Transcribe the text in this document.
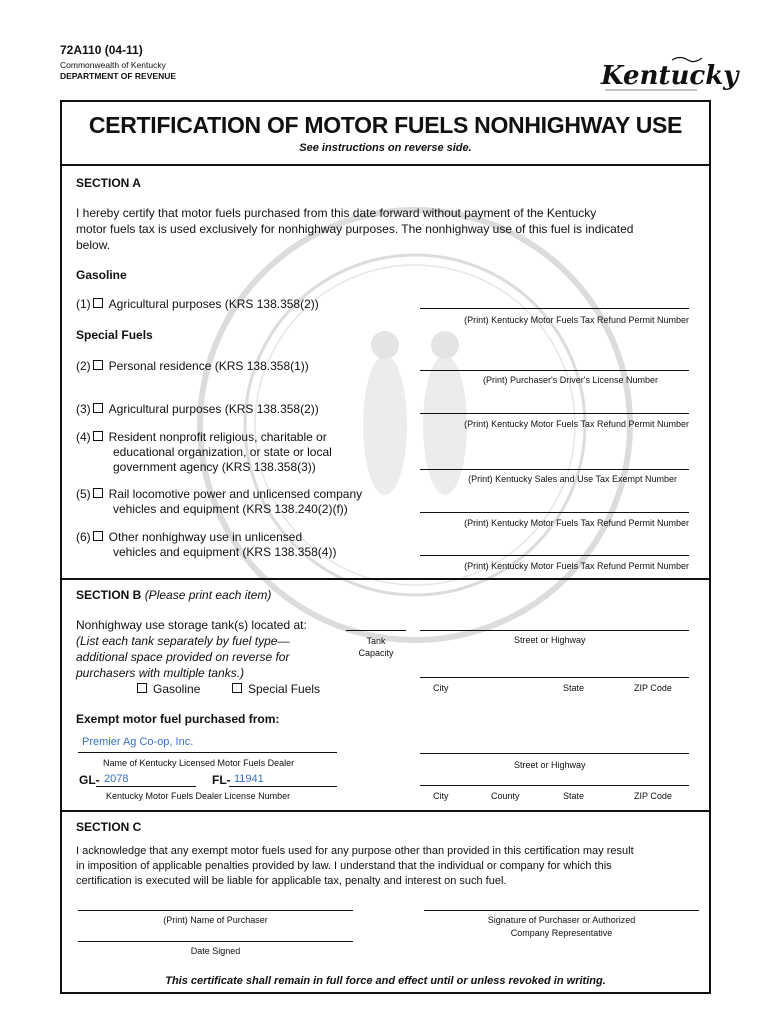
72A110 (04-11)
Commonwealth of Kentucky
DEPARTMENT OF REVENUE	Kentucky
CERTIFICATION OF MOTOR FUELS NONHIGHWAY USE
See instructions on reverse side.
SECTION A
I hereby certify that motor fuels purchased from this date forward without payment of the Kentucky
motor fuels tax is used exclusively for nonhighway purposes. The nonhighway use of this fuel is indicated
below.
Gasoline
(1) Agricultural purposes (KRS 138.358(2))
(Print) Kentucky Motor Fuels Tax Refund Permit Number
Special Fuels
(2) Personal residence (KRS 138.358(1))
(Print) Purchaser's Driver's License Number
(3) Agricultural purposes (KRS 138.358(2))
(Print) Kentucky Motor Fuels Tax Refund Permit Number
(4) Resident nonprofit religious, charitable or
educational organization, or state or local
government agency (KRS 138.358(3))
(Print) Kentucky Sales and Use Tax Exempt Number
(5) Rail locomotive power and unlicensed company
vehicles and equipment (KRS 138.240(2)(f))
(Print) Kentucky Motor Fuels Tax Refund Permit Number
(6) Other nonhighway use in unlicensed
vehicles and equipment (KRS 138.358(4))
(Print) Kentucky Motor Fuels Tax Refund Permit Number
SECTION B (Please print each item)
Nonhighway use storage tank(s) located at:
(List each tank separately by fuel type—
additional space provided on reverse for
purchasers with multiple tanks.)
Gasoline	Special Fuels
Tank
Capacity
Street or Highway
City	State	ZIP Code
Exempt motor fuel purchased from:
Premier Ag Co-op, Inc.
Name of Kentucky Licensed Motor Fuels Dealer
GL- 2078	FL- 11941
Kentucky Motor Fuels Dealer License Number
Street or Highway
City	County	State	ZIP Code
SECTION C
I acknowledge that any exempt motor fuels used for any purpose other than provided in this certification may result
in imposition of applicable penalties provided by law. I understand that the individual or company for which this
certification is executed will be liable for applicable tax, penalty and interest on such fuel.
(Print) Name of Purchaser	Signature of Purchaser or Authorized
Company Representative
Date Signed
This certificate shall remain in full force and effect until or unless revoked in writing.
